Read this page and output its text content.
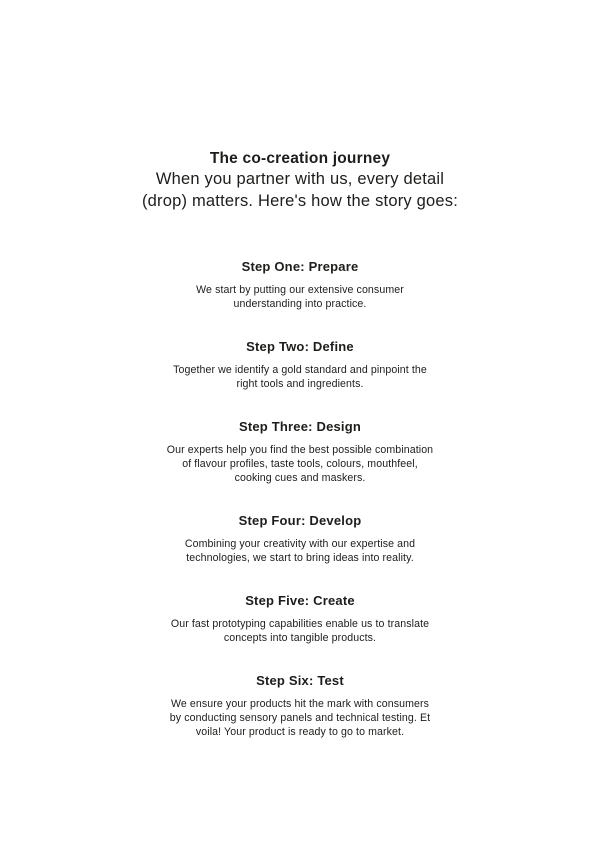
The co-creation journey
When you partner with us, every detail
(drop) matters. Here's how the story goes:
Step One: Prepare
We start by putting our extensive consumer understanding into practice.
Step Two: Define
Together we identify a gold standard and pinpoint the right tools and ingredients.
Step Three: Design
Our experts help you find the best possible combination of flavour profiles, taste tools, colours, mouthfeel, cooking cues and maskers.
Step Four: Develop
Combining your creativity with our expertise and technologies, we start to bring ideas into reality.
Step Five: Create
Our fast prototyping capabilities enable us to translate concepts into tangible products.
Step Six: Test
We ensure your products hit the mark with consumers by conducting sensory panels and technical testing. Et voila! Your product is ready to go to market.
